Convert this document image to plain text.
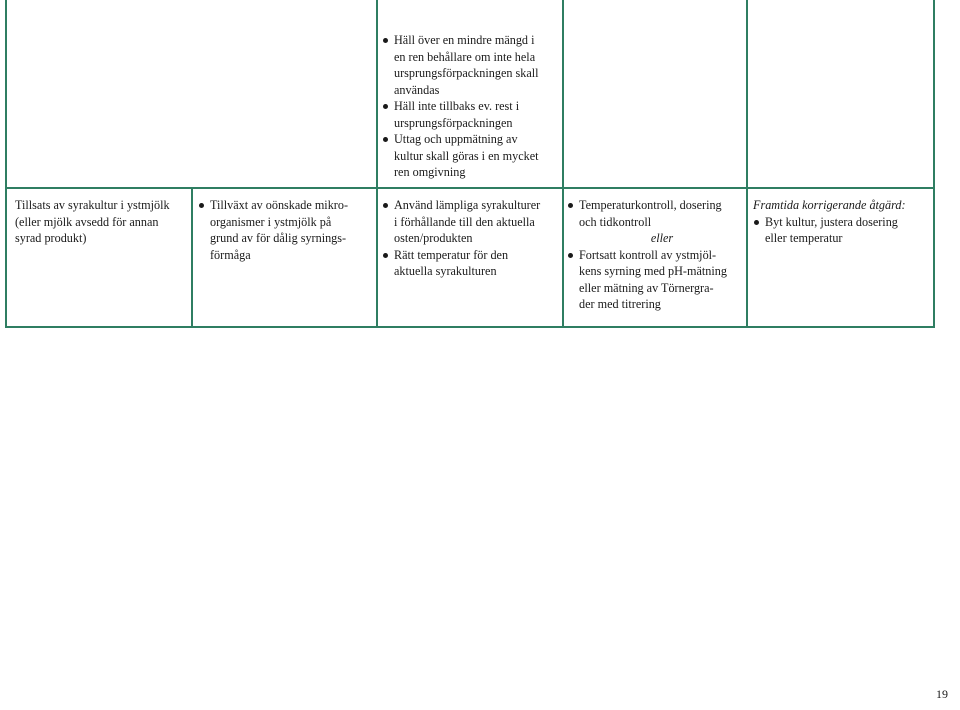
Häll över en mindre mängd i
en ren behållare om inte hela
ursprungsförpackningen skall
användas
Häll inte tillbaks ev. rest i
ursprungsförpackningen
Uttag och uppmätning av
kultur skall göras i en mycket
ren omgivning
Tillsats av syrakultur i ystmjölk
(eller mjölk avsedd för annan
syrad produkt)
Tillväxt av oönskade mikro-
organismer i ystmjölk på
grund av för dålig syrnings-
förmåga
Använd lämpliga syrakulturer
i förhållande till den aktuella
osten/produkten
Rätt temperatur för den
aktuella syrakulturen
Temperaturkontroll, dosering
och tidkontroll
eller
Fortsatt kontroll av ystmjöl-
kens syrning med pH-mätning
eller mätning av Törnergra-
der med titrering
Framtida korrigerande åtgärd:
Byt kultur, justera dosering
eller temperatur
19
